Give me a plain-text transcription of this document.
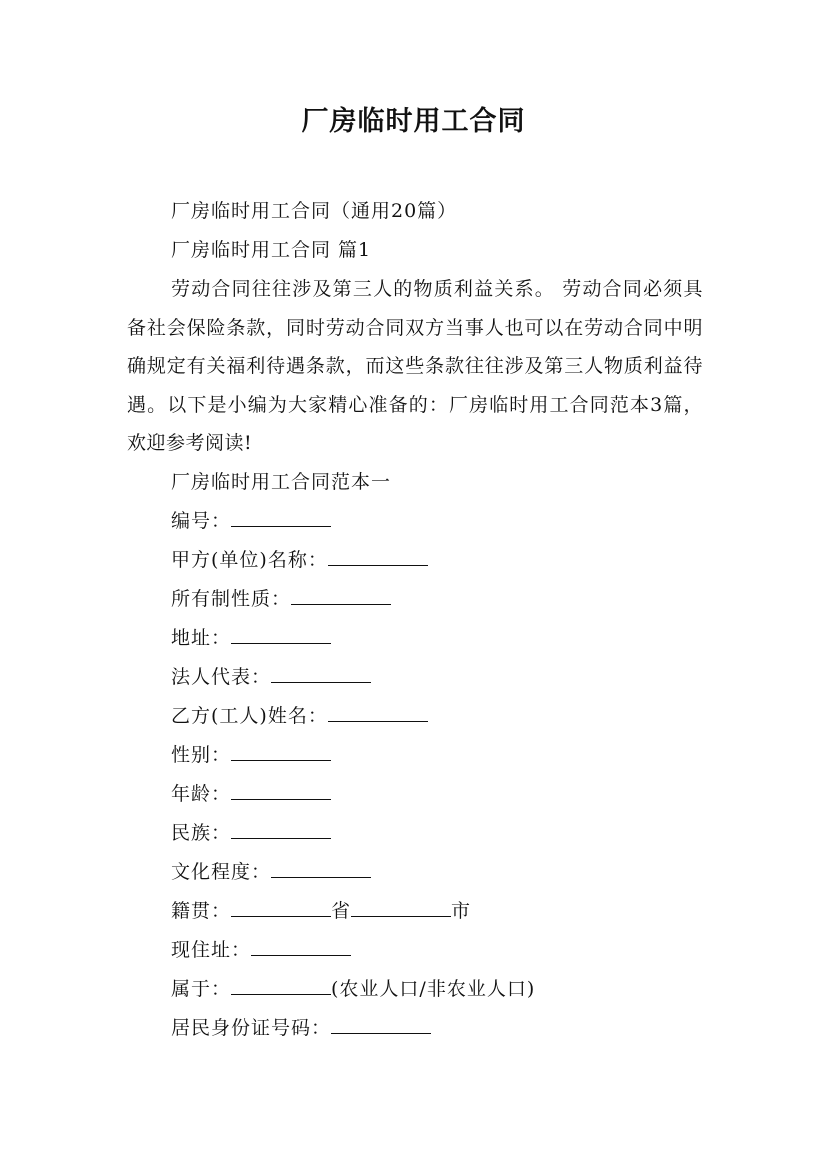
厂房临时用工合同
厂房临时用工合同（通用20篇）
厂房临时用工合同 篇1
劳动合同往往涉及第三人的物质利益关系。 劳动合同必须具备社会保险条款，同时劳动合同双方当事人也可以在劳动合同中明确规定有关福利待遇条款，而这些条款往往涉及第三人物质利益待遇。以下是小编为大家精心准备的：厂房临时用工合同范本3篇，欢迎参考阅读!
厂房临时用工合同范本一
编号：
甲方(单位)名称：
所有制性质：
地址：
法人代表：
乙方(工人)姓名：
性别：
年龄：
民族：
文化程度：
籍贯：	省	市
现住址：
属于：	(农业人口/非农业人口)
居民身份证号码：
